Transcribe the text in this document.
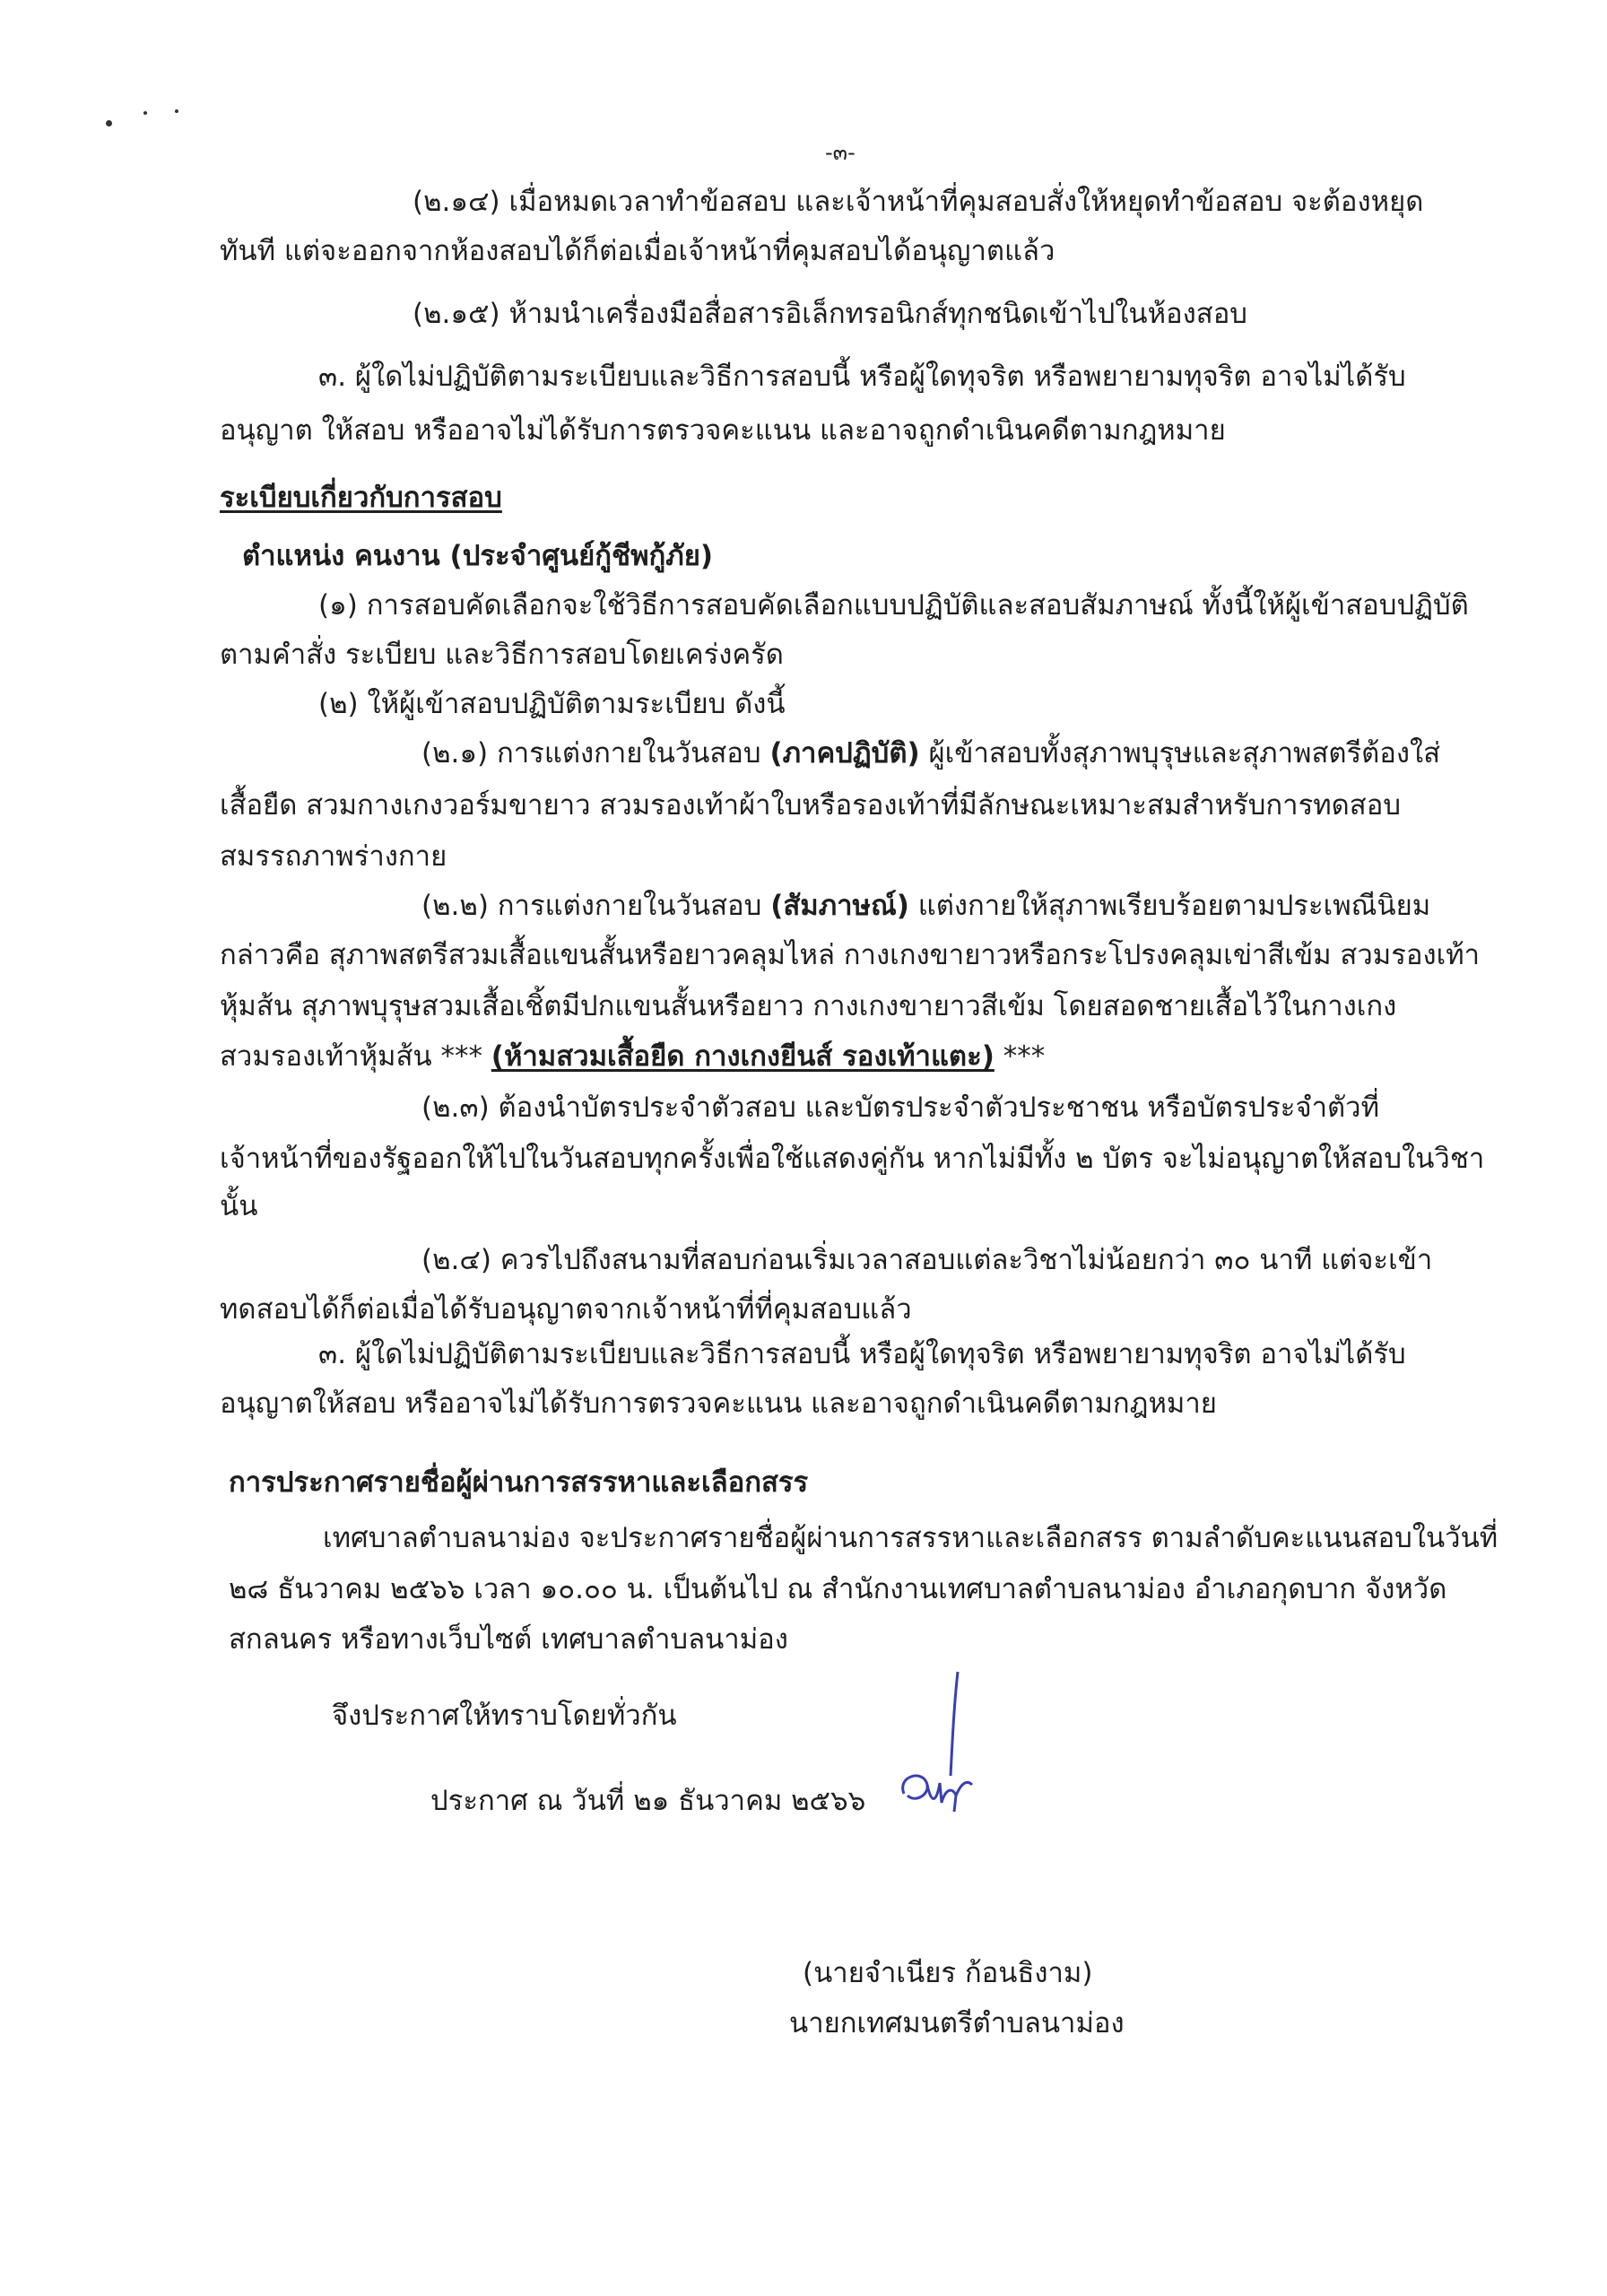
-๓-
(๒.๑๔) เมื่อหมดเวลาทำข้อสอบ และเจ้าหน้าที่คุมสอบสั่งให้หยุดทำข้อสอบ จะต้องหยุด
ทันที แต่จะออกจากห้องสอบได้ก็ต่อเมื่อเจ้าหน้าที่คุมสอบได้อนุญาตแล้ว
(๒.๑๕) ห้ามนำเครื่องมือสื่อสารอิเล็กทรอนิกส์ทุกชนิดเข้าไปในห้องสอบ
๓. ผู้ใดไม่ปฏิบัติตามระเบียบและวิธีการสอบนี้ หรือผู้ใดทุจริต หรือพยายามทุจริต อาจไม่ได้รับ
อนุญาต ให้สอบ หรืออาจไม่ได้รับการตรวจคะแนน และอาจถูกดำเนินคดีตามกฎหมาย
ระเบียบเกี่ยวกับการสอบ
ตำแหน่ง คนงาน (ประจำศูนย์กู้ชีพกู้ภัย)
(๑) การสอบคัดเลือกจะใช้วิธีการสอบคัดเลือกแบบปฏิบัติและสอบสัมภาษณ์ ทั้งนี้ให้ผู้เข้าสอบปฏิบัติ
ตามคำสั่ง ระเบียบ และวิธีการสอบโดยเคร่งครัด
(๒) ให้ผู้เข้าสอบปฏิบัติตามระเบียบ ดังนี้
(๒.๑) การแต่งกายในวันสอบ (ภาคปฏิบัติ) ผู้เข้าสอบทั้งสุภาพบุรุษและสุภาพสตรีต้องใส่
เสื้อยืด สวมกางเกงวอร์มขายาว สวมรองเท้าผ้าใบหรือรองเท้าที่มีลักษณะเหมาะสมสำหรับการทดสอบ
สมรรถภาพร่างกาย
(๒.๒) การแต่งกายในวันสอบ (สัมภาษณ์) แต่งกายให้สุภาพเรียบร้อยตามประเพณีนิยม
กล่าวคือ สุภาพสตรีสวมเสื้อแขนสั้นหรือยาวคลุมไหล่ กางเกงขายาวหรือกระโปรงคลุมเข่าสีเข้ม สวมรองเท้า
หุ้มส้น สุภาพบุรุษสวมเสื้อเชิ้ตมีปกแขนสั้นหรือยาว กางเกงขายาวสีเข้ม โดยสอดชายเสื้อไว้ในกางเกง
สวมรองเท้าหุ้มส้น *** (ห้ามสวมเสื้อยืด กางเกงยีนส์ รองเท้าแตะ) ***
(๒.๓) ต้องนำบัตรประจำตัวสอบ และบัตรประจำตัวประชาชน หรือบัตรประจำตัวที่
เจ้าหน้าที่ของรัฐออกให้ไปในวันสอบทุกครั้งเพื่อใช้แสดงคู่กัน หากไม่มีทั้ง ๒ บัตร จะไม่อนุญาตให้สอบในวิชา
นั้น
(๒.๔) ควรไปถึงสนามที่สอบก่อนเริ่มเวลาสอบแต่ละวิชาไม่น้อยกว่า ๓๐ นาที แต่จะเข้า
ทดสอบได้ก็ต่อเมื่อได้รับอนุญาตจากเจ้าหน้าที่ที่คุมสอบแล้ว
๓. ผู้ใดไม่ปฏิบัติตามระเบียบและวิธีการสอบนี้ หรือผู้ใดทุจริต หรือพยายามทุจริต อาจไม่ได้รับ
อนุญาตให้สอบ หรืออาจไม่ได้รับการตรวจคะแนน และอาจถูกดำเนินคดีตามกฎหมาย
การประกาศรายชื่อผู้ผ่านการสรรหาและเลือกสรร
เทศบาลตำบลนาม่อง จะประกาศรายชื่อผู้ผ่านการสรรหาและเลือกสรร ตามลำดับคะแนนสอบในวันที่
๒๘ ธันวาคม ๒๕๖๖ เวลา ๑๐.๐๐ น. เป็นต้นไป ณ สำนักงานเทศบาลตำบลนาม่อง อำเภอกุดบาก จังหวัด
สกลนคร หรือทางเว็บไซต์ เทศบาลตำบลนาม่อง
จึงประกาศให้ทราบโดยทั่วกัน
ประกาศ ณ วันที่ ๒๑ ธันวาคม ๒๕๖๖
(นายจำเนียร ก้อนธิงาม)
นายกเทศมนตรีตำบลนาม่อง
